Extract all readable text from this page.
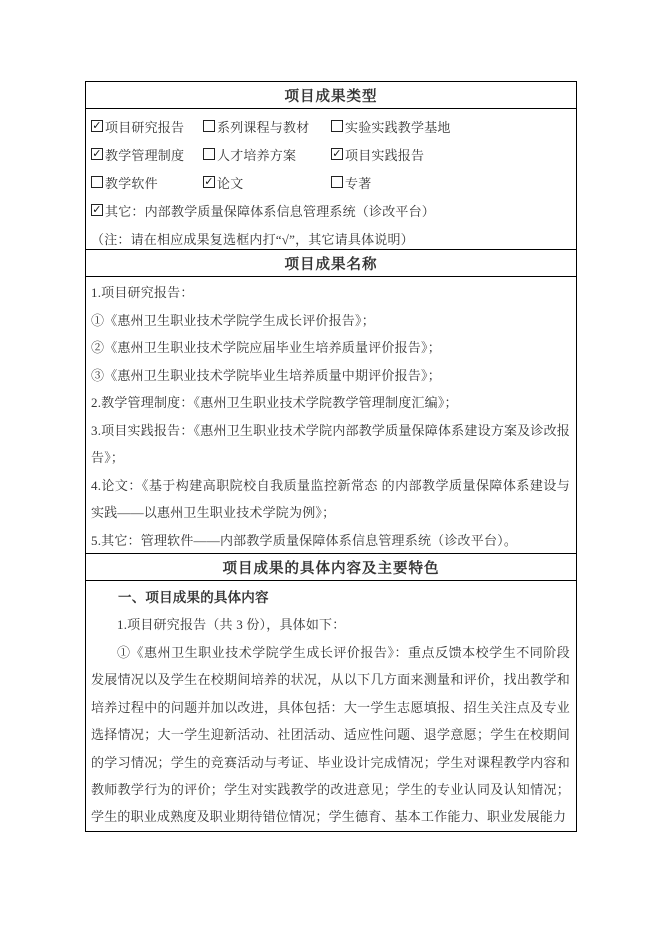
项目成果类型
✓ 项目研究报告	系列课程与教材	实验实践教学基地
✓ 教学管理制度	人才培养方案	✓ 项目实践报告
教学软件	✓ 论文	专著
✓ 其它：内部教学质量保障体系信息管理系统（诊改平台）
（注：请在相应成果复选框内打“√”，其它请具体说明）
项目成果名称

1.项目研究报告：

①《惠州卫生职业技术学院学生成长评价报告》；

②《惠州卫生职业技术学院应届毕业生培养质量评价报告》；

③《惠州卫生职业技术学院毕业生培养质量中期评价报告》；

2.教学管理制度：《惠州卫生职业技术学院教学管理制度汇编》；

3.项目实践报告：《惠州卫生职业技术学院内部教学质量保障体系建设方案及诊改报告》；

4.论文：《基于构建高职院校自我质量监控新常态 的内部教学质量保障体系建设与实践——以惠州卫生职业技术学院为例》；

5.其它：管理软件——内部教学质量保障体系信息管理系统（诊改平台）。

项目成果的具体内容及主要特色

一、项目成果的具体内容

1.项目研究报告（共 3 份），具体如下：

①《惠州卫生职业技术学院学生成长评价报告》：重点反馈本校学生不同阶段发展情况以及学生在校期间培养的状况，从以下几方面来测量和评价，找出教学和培养过程中的问题并加以改进，具体包括：大一学生志愿填报、招生关注点及专业选择情况；大一学生迎新活动、社团活动、适应性问题、退学意愿；学生在校期间的学习情况；学生的竞赛活动与考证、毕业设计完成情况；学生对课程教学内容和教师教学行为的评价；学生对实践教学的改进意见；学生的专业认同及认知情况；学生的职业成熟度及职业期待错位情况；学生德育、基本工作能力、职业发展能力
